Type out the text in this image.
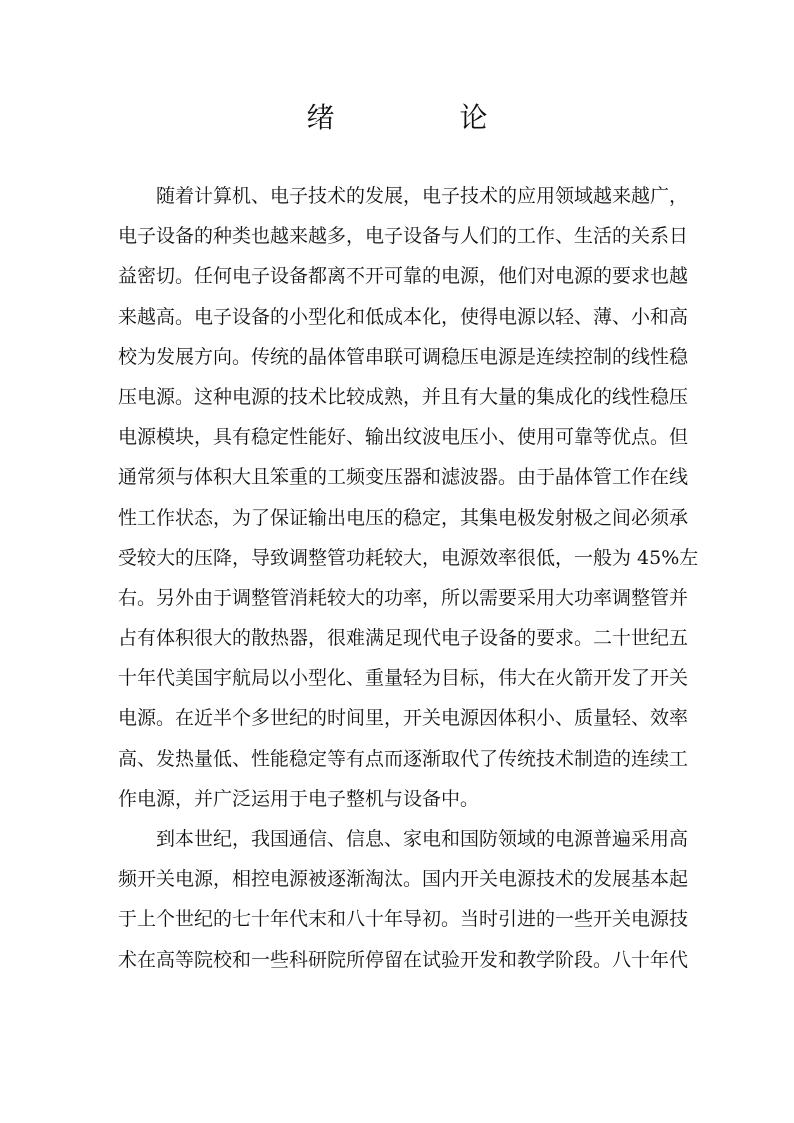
绪 论
随着计算机、电子技术的发展，电子技术的应用领域越来越广，
电子设备的种类也越来越多，电子设备与人们的工作、生活的关系日
益密切。任何电子设备都离不开可靠的电源，他们对电源的要求也越
来越高。电子设备的小型化和低成本化，使得电源以轻、薄、小和高
校为发展方向。传统的晶体管串联可调稳压电源是连续控制的线性稳
压电源。这种电源的技术比较成熟，并且有大量的集成化的线性稳压
电源模块，具有稳定性能好、输出纹波电压小、使用可靠等优点。但
通常须与体积大且笨重的工频变压器和滤波器。由于晶体管工作在线
性工作状态，为了保证输出电压的稳定，其集电极发射极之间必须承
受较大的压降，导致调整管功耗较大，电源效率很低，一般为 45%左
右。另外由于调整管消耗较大的功率，所以需要采用大功率调整管并
占有体积很大的散热器，很难满足现代电子设备的要求。二十世纪五
十年代美国宇航局以小型化、重量轻为目标，伟大在火箭开发了开关
电源。在近半个多世纪的时间里，开关电源因体积小、质量轻、效率
高、发热量低、性能稳定等有点而逐渐取代了传统技术制造的连续工
作电源，并广泛运用于电子整机与设备中。
到本世纪，我国通信、信息、家电和国防领域的电源普遍采用高
频开关电源，相控电源被逐渐淘汰。国内开关电源技术的发展基本起
于上个世纪的七十年代末和八十年导初。当时引进的一些开关电源技
术在高等院校和一些科研院所停留在试验开发和教学阶段。八十年代
